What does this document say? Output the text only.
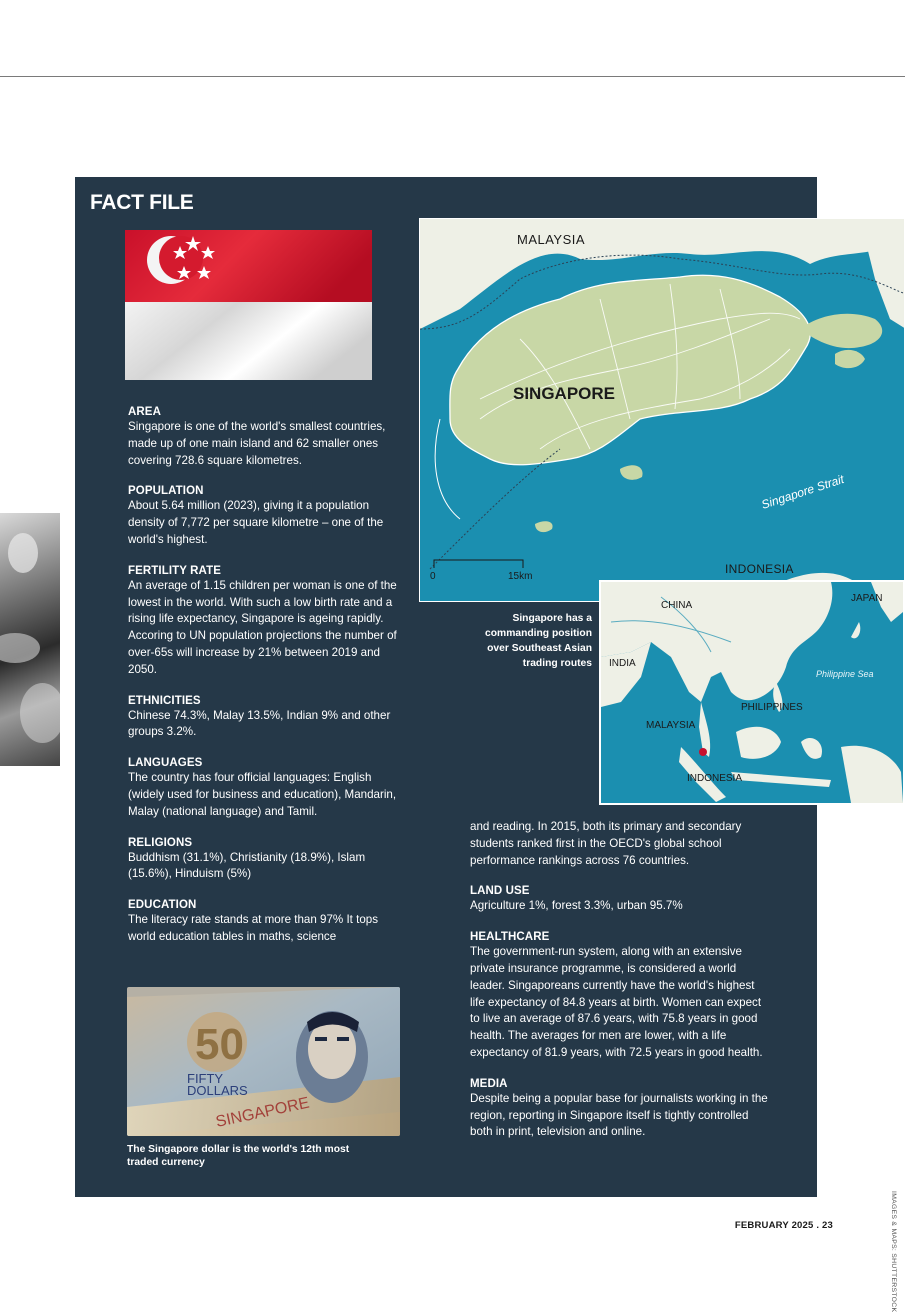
FACT FILE
AREA

Singapore is one of the world's smallest countries, made up of one main island and 62 smaller ones covering 728.6 square kilometres.

POPULATION

About 5.64 million (2023), giving it a population density of 7,772 per square kilometre – one of the world's highest.

FERTILITY RATE

An average of 1.15 children per woman is one of the lowest in the world. With such a low birth rate and a rising life expectancy, Singapore is ageing rapidly. Accoring to UN population projections the number of over-65s will increase by 21% between 2019 and 2050.

ETHNICITIES

Chinese 74.3%, Malay 13.5%, Indian 9% and other groups 3.2%.

LANGUAGES

The country has four official languages: English (widely used for business and education), Mandarin, Malay (national language) and Tamil.

RELIGIONS

Buddhism (31.1%), Christianity (18.9%), Islam (15.6%), Hinduism (5%)

EDUCATION

The literacy rate stands at more than 97% It tops world education tables in maths, science

50
FIFTY
DOLLARS
SINGAPORE
The Singapore dollar is the world's 12th most traded currency
IMAGES & MAPS: SHUTTERSTOCK
MALAYSIA
SINGAPORE
Singapore Strait
INDONESIA
0	15km
Singapore has a commanding position over Southeast Asian trading routes
CHINA
JAPAN
INDIA
Philippine Sea
PHILIPPINES
MALAYSIA
INDONESIA

and reading. In 2015, both its primary and secondary students ranked first in the OECD's global school performance rankings across 76 countries.

LAND USE

Agriculture 1%, forest 3.3%, urban 95.7%

HEALTHCARE

The government-run system, along with an extensive private insurance programme, is considered a world leader. Singaporeans currently have the world's highest life expectancy of 84.8 years at birth. Women can expect to live an average of 87.6 years, with 75.8 years in good health. The averages for men are lower, with a life expectancy of 81.9 years, with 72.5 years in good health.

MEDIA

Despite being a popular base for journalists working in the region, reporting in Singapore itself is tightly controlled both in print, television and online.

FEBRUARY 2025 . 23
